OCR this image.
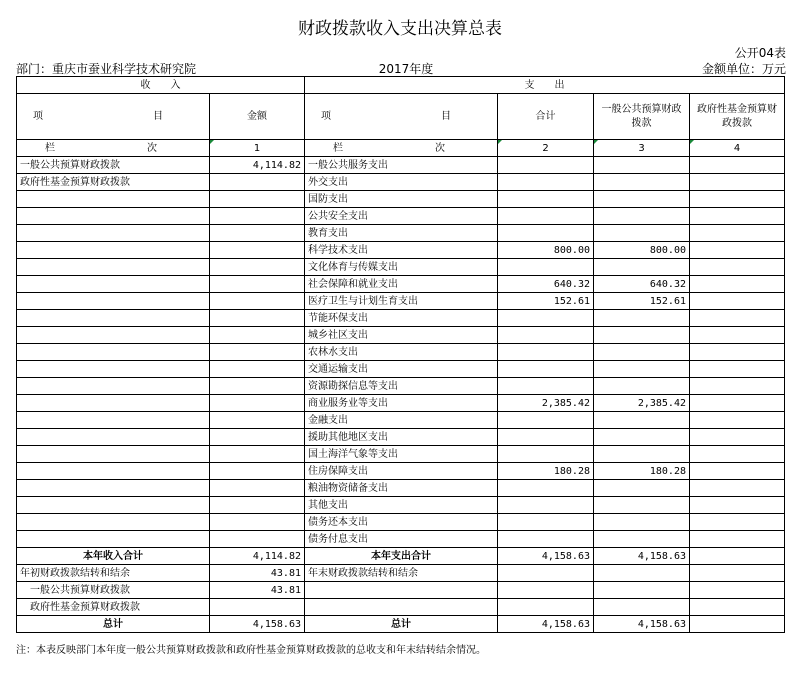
财政拨款收入支出决算总表
公开04表
部门：重庆市蚕业科学技术研究院	2017年度	金额单位：万元
收　　入		支　　出			
项　　目	金额	项　　目	合计	一般公共预算财政拨款	政府性基金预算财政拨款
栏　　次	1	栏　　次	2	3	4
一般公共预算财政拨款	4,114.82	一般公共服务支出			
政府性基金预算财政拨款		外交支出			
		国防支出			
		公共安全支出			
		教育支出			
		科学技术支出	800.00	800.00	
		文化体育与传媒支出			
		社会保障和就业支出	640.32	640.32	
		医疗卫生与计划生育支出	152.61	152.61	
		节能环保支出			
		城乡社区支出			
		农林水支出			
		交通运输支出			
		资源勘探信息等支出			
		商业服务业等支出	2,385.42	2,385.42	
		金融支出			
		援助其他地区支出			
		国土海洋气象等支出			
		住房保障支出	180.28	180.28	
		粮油物资储备支出			
		其他支出			
		债务还本支出			
		债务付息支出			
本年收入合计	4,114.82	本年支出合计	4,158.63	4,158.63	
年初财政拨款结转和结余	43.81	年末财政拨款结转和结余			
　一般公共预算财政拨款	43.81				
　政府性基金预算财政拨款					
总计	4,158.63	总计	4,158.63	4,158.63	
注：本表反映部门本年度一般公共预算财政拨款和政府性基金预算财政拨款的总收支和年末结转结余情况。
